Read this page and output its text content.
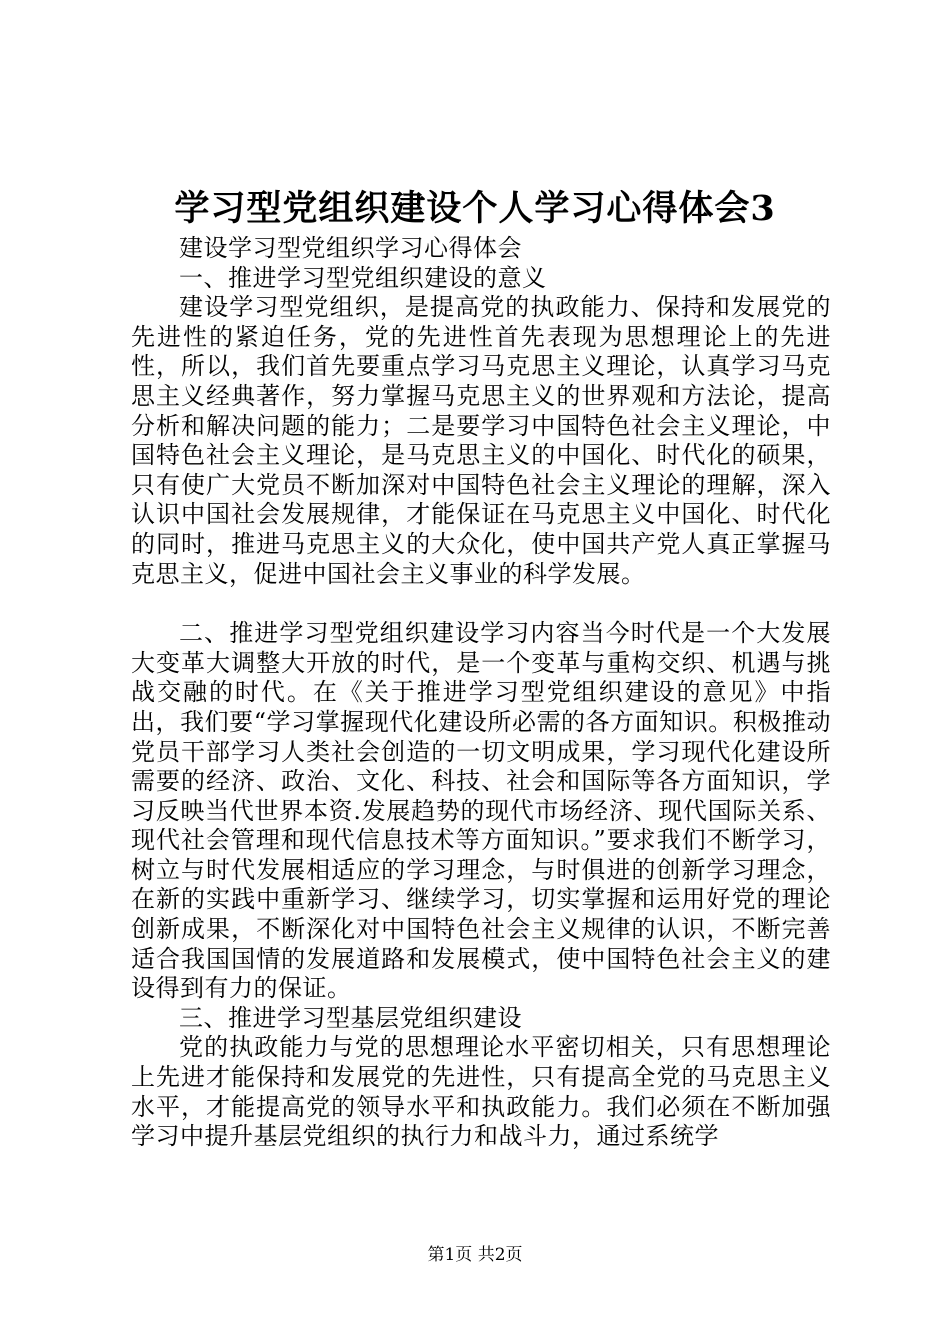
学习型党组织建设个人学习心得体会3

建设学习型党组织学习心得体会

一、推进学习型党组织建设的意义

建设学习型党组织，是提高党的执政能力、保持和发展党的先进性的紧迫任务，党的先进性首先表现为思想理论上的先进性，所以，我们首先要重点学习马克思主义理论，认真学习马克思主义经典著作，努力掌握马克思主义的世界观和方法论，提高分析和解决问题的能力；二是要学习中国特色社会主义理论，中国特色社会主义理论，是马克思主义的中国化、时代化的硕果，只有使广大党员不断加深对中国特色社会主义理论的理解，深入认识中国社会发展规律，才能保证在马克思主义中国化、时代化的同时，推进马克思主义的大众化，使中国共产党人真正掌握马克思主义，促进中国社会主义事业的科学发展。

二、推进学习型党组织建设学习内容当今时代是一个大发展大变革大调整大开放的时代，是一个变革与重构交织、机遇与挑战交融的时代。在《关于推进学习型党组织建设的意见》中指出，我们要“学习掌握现代化建设所必需的各方面知识。积极推动党员干部学习人类社会创造的一切文明成果，学习现代化建设所需要的经济、政治、文化、科技、社会和国际等各方面知识，学习反映当代世界本资.发展趋势的现代市场经济、现代国际关系、现代社会管理和现代信息技术等方面知识。”要求我们不断学习，树立与时代发展相适应的学习理念，与时俱进的创新学习理念，在新的实践中重新学习、继续学习，切实掌握和运用好党的理论创新成果，不断深化对中国特色社会主义规律的认识，不断完善适合我国国情的发展道路和发展模式，使中国特色社会主义的建设得到有力的保证。

三、推进学习型基层党组织建设

党的执政能力与党的思想理论水平密切相关，只有思想理论上先进才能保持和发展党的先进性，只有提高全党的马克思主义水平，才能提高党的领导水平和执政能力。我们必须在不断加强学习中提升基层党组织的执行力和战斗力，通过系统学

第1页 共2页
